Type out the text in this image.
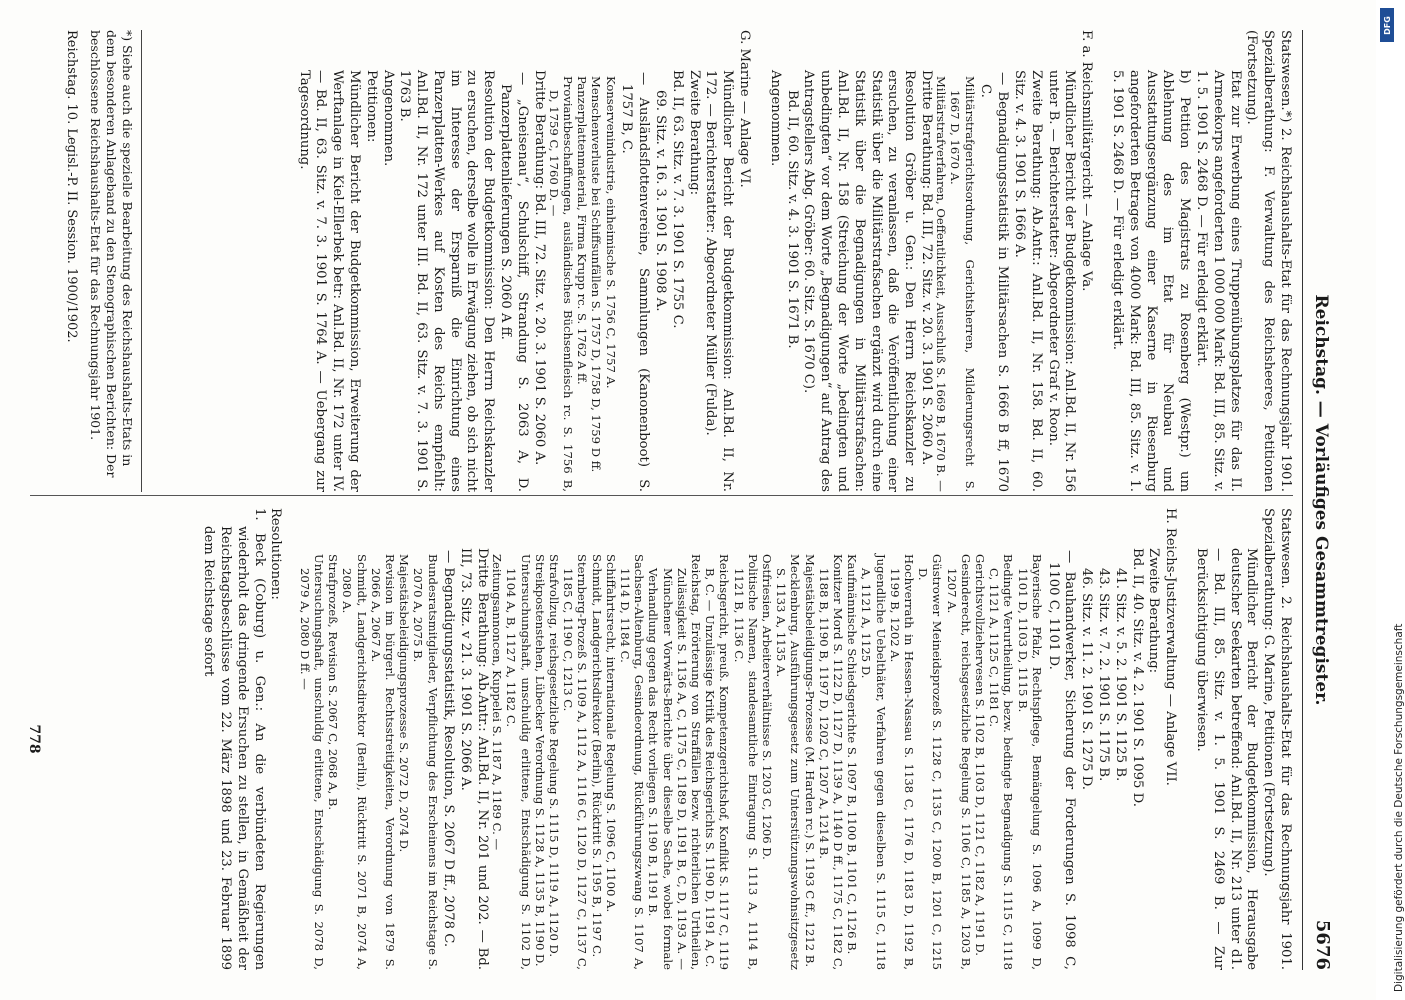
Reichstag. — Vorläufiges Gesammtregister.
5676

Statswesen.*) 2. Reichshaushalts-Etat für das Rechnungsjahr 1901. Spezialberathung: F. Verwaltung des Reichsheeres, Petitionen (Fortsetzung).

Etat zur Erwerbung eines Truppenübungsplatzes für das II. Armeekorps angeforderten 1 000 000 Mark: Bd. III, 85. Sitz. v. 1. 5. 1901 S. 2468 D. — Für erledigt erklärt.

b) Petition des Magistrats zu Rosenberg (Westpr.) um Ablehnung des im Etat für Neubau und Ausstattungsergänzung einer Kaserne in Riesenburg angeforderten Betrages von 4000 Mark: Bd. III, 85. Sitz. v. 1. 5. 1901 S. 2468 D. — Für erledigt erklärt.

F. a. Reichsmilitärgericht — Anlage Va.

Mündlicher Bericht der Budgetkommission: Anl.Bd. II, Nr. 156 unter B. — Berichterstatter: Abgeordneter Graf v. Roon.

Zweite Berathung: Ab.Antr.: Anl.Bd. II, Nr. 158. Bd. II, 60. Sitz. v. 4. 3. 1901 S. 1666 A.

— Begnadigungsstatistik in Militärsachen S. 1666 B ff, 1670 C.

Militärstrafgerichtsordnung, Gerichtsherren, Milderungsrecht S. 1667 D, 1670 A.

Militärstrafverfahren, Oeffentlichkeit, Ausschluß S. 1669 B, 1670 B. —

Dritte Berathung: Bd. III, 72. Sitz. v. 20. 3. 1901 S. 2060 A.

Resolution Gröber u. Gen.: Den Herrn Reichskanzler zu ersuchen, zu veranlassen, daß die Veröffentlichung einer Statistik über die Militärstrafsachen ergänzt wird durch eine Statistik über die Begnadigungen in Militärstrafsachen: Anl.Bd. II, Nr. 158 (Streichung der Worte „bedingten und unbedingten“ vor dem Worte „Begnadigungen“ auf Antrag des Antragstellers Abg. Gröber: 60. Sitz. S. 1670 C).

Bd. II, 60. Sitz. v. 4. 3. 1901 S. 1671 B.

Angenommen.

G. Marine — Anlage VI.

Mündlicher Bericht der Budgetkommission: Anl.Bd. II, Nr. 172. — Berichterstatter: Abgeordneter Müller (Fulda).

Zweite Berathung:

Bd. II, 63. Sitz. v. 7. 3. 1901 S. 1755 C.

69. Sitz. v. 16. 3. 1901 S. 1908 A.

— Ausländsflottenvereine, Sammlungen (Kanonenboot) S. 1757 B, C.

Konservenindustrie, einheimische S. 1756 C, 1757 A.

Menschenverluste bei Schiffsunfällen S. 1757 D, 1758 D, 1759 D ff.

Panzerplattenmaterial, Firma Krupp rc. S. 1762 A ff.

Proviantbeschaffungen, ausländisches Büchsenfleisch rc. S. 1756 B, D, 1759 C, 1760 D. —

Dritte Berathung: Bd. III, 72. Sitz. v. 20. 3. 1901 S. 2060 A.

— „Gneisenau“, Schulschiff, Strandung S. 2063 A, D. Panzerplattenlieferungen S. 2060 A ff.

Resolution der Budgetkommission: Den Herrn Reichskanzler zu ersuchen, derselbe wolle in Erwägung ziehen, ob sich nicht im Interesse der Ersparniß die Einrichtung eines Panzerplatten-Werkes auf Kosten des Reichs empfiehlt: Anl.Bd. II, Nr. 172 unter III. Bd. II, 63. Sitz. v. 7. 3. 1901 S. 1763 B.

Angenommen.

Petitionen:

Mündlicher Bericht der Budgetkommission, Erweiterung der Werftanlage in Kiel-Ellerbek betr: Anl.Bd. II, Nr. 172 unter IV. — Bd. II, 63. Sitz. v. 7. 3. 1901 S. 1764 A. — Uebergang zur Tagesordnung.

Statswesen. 2. Reichshaushalts-Etat für das Rechnungsjahr 1901. Spezialberathung: G. Marine, Petitionen (Fortsetzung).

Mündlicher Bericht der Budgetkommission, Herausgabe deutscher Seekarten betreffend: Anl.Bd. II, Nr. 213 unter d1. — Bd. III, 85. Sitz. v. 1. 5. 1901 S. 2469 B. — Zur Berücksichtigung überwiesen.

H. Reichs-Justizverwaltung — Anlage VII.

Zweite Berathung:

Bd. II, 40. Sitz. v. 4. 2. 1901 S. 1095 D.

41. Sitz. v. 5. 2. 1901 S. 1125 B.

43. Sitz. v. 7. 2. 1901 S. 1175 B.

46. Sitz. v. 11. 2. 1901 S. 1275 D.

— Bauhandwerker, Sicherung der Forderungen S. 1098 C, 1100 C, 1101 D.

Bayerische Pfalz, Rechtspflege, Bemängelung S. 1096 A, 1099 D, 1101 D, 1103 D, 1115 B.

Bedingte Verurtheilung, bezw. bedingte Begnadigung S. 1115 C, 1118 C, 1121 A, 1125 C, 1181 C.

Gerichtsvollziehervesen S. 1102 B, 1103 D, 1121 C, 1182 A, 1191 D.

Gesinderecht, reichsgesetzliche Regelung S. 1106 C, 1185 A, 1203 B, 1207 A.

Güstrower Meineidsprozeß S. 1128 C, 1135 C, 1200 B, 1201 C, 1215 D.

Hochverrath in Hessen-Nassau S. 1138 C, 1176 D, 1183 D, 1192 B, 1199 B, 1202 A.

Jugendliche Uebelthäter, Verfahren gegen dieselben S. 1115 C, 1118 A, 1121 A, 1125 D.

Kaufmännische Schiedsgerichte S. 1097 B, 1100 B, 1101 C, 1126 B.

Konitzer Mord S. 1122 D, 1127 D, 1139 A, 1140 D ff., 1175 C, 1182 C, 1188 B, 1190 B, 1197 D, 1202 C, 1207 A, 1214 B.

Majestätsbeleidigungs-Prozesse (M. Harden rc.) S. 1193 C ff., 1212 B.

Mecklenburg, Ausführungsgesetz zum Unterstützungswohnsitzgesetz S. 1133 A, 1135 A.

Ostfriesien, Arbeiterverhältnisse S. 1203 C, 1206 D.

Politische Namen, standesamtliche Eintragung S. 1113 A, 1114 B, 1121 B, 1136 C.

Reichsgericht, preuß. Kompetenzgerichtshof, Konflikt S. 1117 C, 1119 B, C. — Unzulässige Kritik des Reichsgerichts S. 1190 D, 1191 A, C.

Reichstag, Erörterung von Straffällen bezw. richterlichen Urtheilen, Zulässigkeit S. 1136 A, C, 1175 C, 1189 D, 1191 B, C, D, 1193 A. — Münchener Vorwärts-Berichte über dieselbe Sache, wobei formale Verhandlung gegen das Recht vorliegen S. 1190 B, 1191 B.

Sachsen-Altenburg, Gesindeordnung, Rückführungszwang S. 1107 A, 1114 D, 1184 C.

Schiffahrtsrecht, internationale Regelung S. 1096 C, 1100 A.

Schmidt, Landgerichtsdirektor (Berlin), Rücktritt S. 1195 B, 1197 C.

Sternberg-Prozeß S. 1109 A, 1112 A, 1116 C, 1120 D, 1127 C, 1137 C, 1185 C, 1190 C, 1213 C.

Strafvollzug, reichsgesetzliche Regelung S. 1115 D, 1119 A, 1120 D.

Streikpostenstehen, Lübecker Verordnung S. 1128 A, 1135 B, 1190 D.

Untersuchungshaft, unschuldig erlittene, Entschädigung S. 1102 D, 1104 A, B, 1127 A, 1182 C.

Zeitungsannoncen, Kuppelei S. 1187 A, 1189 C. —

Dritte Berathung: Ab.Antr.: Anl.Bd. II, Nr. 201 und 202. — Bd. III, 73. Sitz. v 21. 3. 1901 S. 2066 A.

— Begnadigungsstatistik, Resolution, S. 2067 D ff., 2078 C.

Bundesratsmitglieder, Verpflichtung des Erscheinens im Reichstage S. 2070 A, 2075 B.

Majestätsbeleidigungsprozesse S. 2072 D, 2074 D.

Revision im bürgerl. Rechtsstreitigkeiten, Verordnung von 1879 S. 2066 A, 2067 A.

Schmidt, Landgerichtsdirektor (Berlin), Rücktritt S. 2071 B, 2074 A, 2080 A.

Strafprozeß, Revision S. 2067 C, 2068 A, B.

Untersuchungshaft, unschuldig erlittene, Entschädigung S. 2078 D, 2079 A, 2080 D ff. —

Resolutionen:

1. Beck (Coburg) u. Gen.: An die verbündeten Regierungen wiederholt das dringende Ersuchen zu stellen, in Gemäßheit der Reichstagsbeschlüsse vom 22. März 1898 und 23. Februar 1899 dem Reichstage sofort

*) Siehe auch die spezielle Bearbeitung des Reichshaushalts-Etats in dem besonderen Anlageband zu den Stenographischen Berichten: Der beschlossene Reichshaushalts-Etat für das Rechnungsjahr 1901.
Reichstag. 10. Legisl.-P. II. Session. 1900/1902.
778
DFG
Digitalisierung gefördert durch die Deutsche Forschungsgemeinschaft
